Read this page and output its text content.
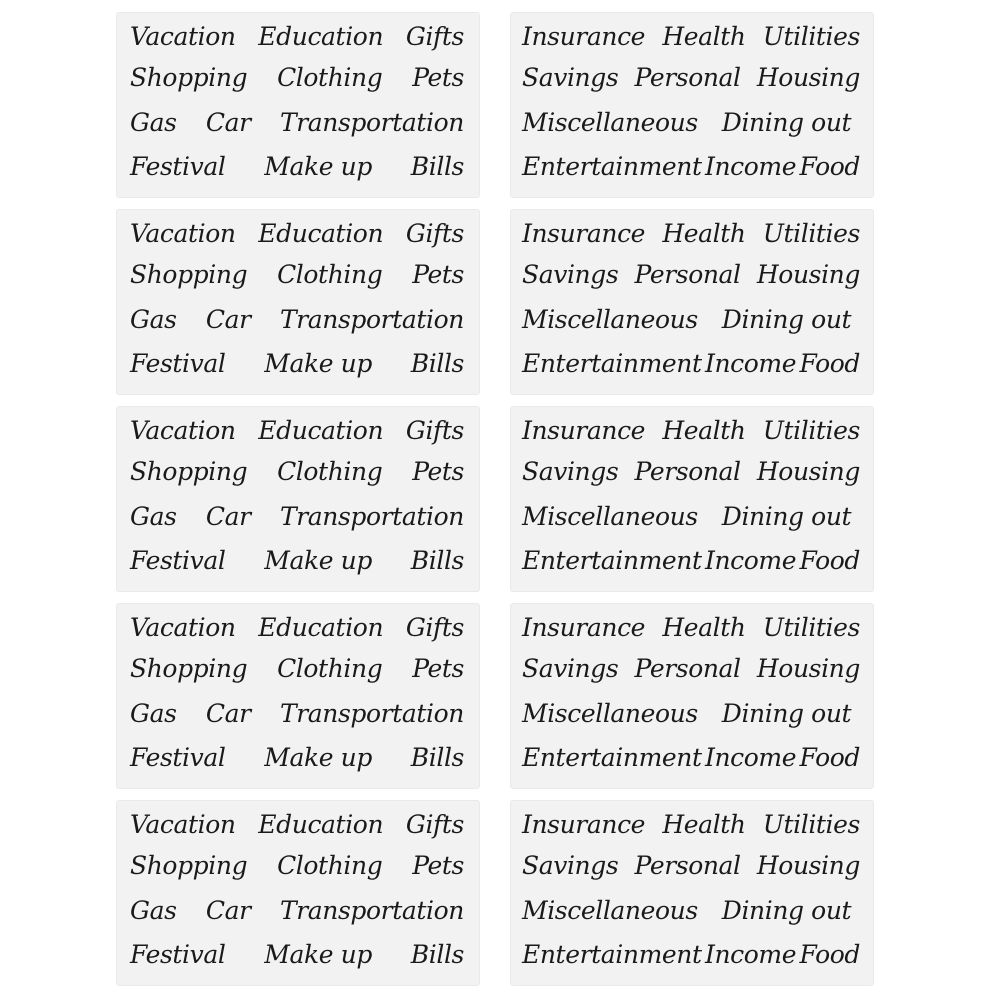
Vacation Education Gifts
Shopping Clothing Pets
Gas Car Transportation
Festival Make up Bills
Insurance Health Utilities
Savings Personal Housing
Miscellaneous Dining out
Entertainment Income Food
Vacation Education Gifts
Shopping Clothing Pets
Gas Car Transportation
Festival Make up Bills
Insurance Health Utilities
Savings Personal Housing
Miscellaneous Dining out
Entertainment Income Food
Vacation Education Gifts
Shopping Clothing Pets
Gas Car Transportation
Festival Make up Bills
Insurance Health Utilities
Savings Personal Housing
Miscellaneous Dining out
Entertainment Income Food
Vacation Education Gifts
Shopping Clothing Pets
Gas Car Transportation
Festival Make up Bills
Insurance Health Utilities
Savings Personal Housing
Miscellaneous Dining out
Entertainment Income Food
Vacation Education Gifts
Shopping Clothing Pets
Gas Car Transportation
Festival Make up Bills
Insurance Health Utilities
Savings Personal Housing
Miscellaneous Dining out
Entertainment Income Food
